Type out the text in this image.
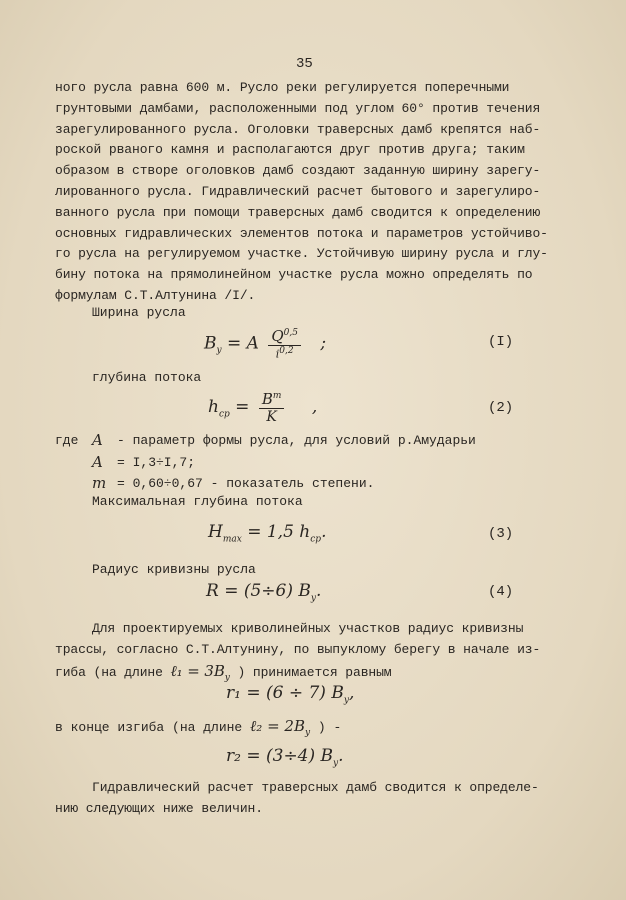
35
ного русла равна 600 м. Русло реки регулируется поперечными
грунтовыми дамбами, расположенными под углом 60° против течения
зарегулированного русла. Оголовки траверсных дамб крепятся наб-
роской рваного камня и располагаются друг против друга; таким
образом в створе оголовков дамб создают заданную ширину зарегу-
лированного русла. Гидравлический расчет бытового и зарегулиро-
ванного русла при помощи траверсных дамб сводится к определению
основных гидравлических элементов потока и параметров устойчиво-
го русла на регулируемом участке. Устойчивую ширину русла и глу-
бину потока на прямолинейном участке русла можно определять по
формулам С.Т.Алтунина /I/.
Ширина русла
$B_y = A \frac{Q^{0,5}}{i^{0,2}}$ ;	(I)
глубина потока
$h_{cp} = \frac{B^m}{K}$ ,	(2)
где A - параметр формы русла, для условий р.Амударьи
A = I,3÷I,7;
m = 0,60÷0,67 - показатель степени.
Максимальная глубина потока
$H_{max} = 1,5$ $h_{cp}$.	(3)
Радиус кривизны русла
R = (5÷6) $B_y$.	(4)
Для проектируемых криволинейных участков радиус кривизны
трассы, согласно С.Т.Алтунину, по выпуклому берегу в начале из-
гиба (на длине ℓ₁ = $3B_y$ ) принимается равным
r₁ = (6 ÷ 7) $B_y$,
в конце изгиба (на длине ℓ₂ = $2B_y$ ) -
r₂ = (3÷4) $B_y$.
Гидравлический расчет траверсных дамб сводится к определе-
нию следующих ниже величин.
